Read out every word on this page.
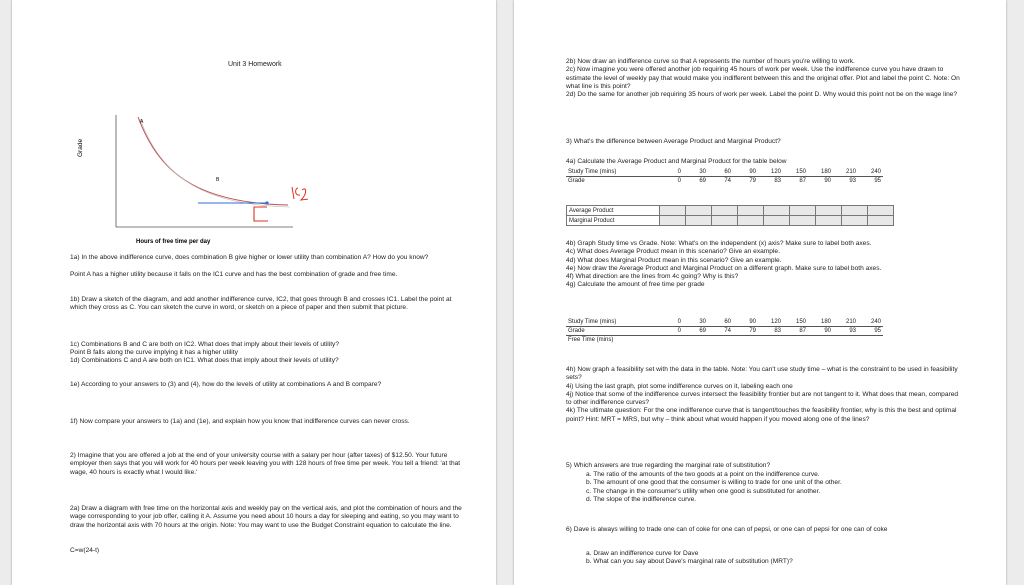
Unit 3 Homework
Grade
A
B
Hours of free time per day
1a) In the above indifference curve, does combination B give higher or lower utility than combination A? How do you know?
Point A has a higher utility because it falls on the IC1 curve and has the best combination of grade and free time.
1b) Draw a sketch of the diagram, and add another indifference curve, IC2, that goes through B and crosses IC1. Label the point at which they cross as C. You can sketch the curve in word, or sketch on a piece of paper and then submit that picture.
1c) Combinations B and C are both on IC2. What does that imply about their levels of utility?
Point B falls along the curve implying it has a higher utility
1d) Combinations C and A are both on IC1. What does that imply about their levels of utility?
1e) According to your answers to (3) and (4), how do the levels of utility at combinations A and B compare?
1f) Now compare your answers to (1a) and (1e), and explain how you know that indifference curves can never cross.
2) Imagine that you are offered a job at the end of your university course with a salary per hour (after taxes) of $12.50. Your future employer then says that you will work for 40 hours per week leaving you with 128 hours of free time per week. You tell a friend: 'at that wage, 40 hours is exactly what I would like.'
2a) Draw a diagram with free time on the horizontal axis and weekly pay on the vertical axis, and plot the combination of hours and the wage corresponding to your job offer, calling it A. Assume you need about 10 hours a day for sleeping and eating, so you may want to draw the horizontal axis with 70 hours at the origin. Note: You may want to use the Budget Constraint equation to calculate the line.
C=w(24-t)
2b) Now draw an indifference curve so that A represents the number of hours you're willing to work.
2c) Now imagine you were offered another job requiring 45 hours of work per week. Use the indifference curve you have drawn to estimate the level of weekly pay that would make you indifferent between this and the original offer. Plot and label the point C. Note: On what line is this point?
2d) Do the same for another job requiring 35 hours of work per week. Label the point D. Why would this point not be on the wage line?
3) What's the difference between Average Product and Marginal Product?
4a) Calculate the Average Product and Marginal Product for the table below
Study Time (mins)	0	30	60	90	120	150	180	210	240
Grade	0	69	74	79	83	87	90	93	95
Average Product									
Marginal Product									
4b) Graph Study time vs Grade. Note: What's on the independent (x) axis? Make sure to label both axes.
4c) What does Average Product mean in this scenario? Give an example.
4d) What does Marginal Product mean in this scenario? Give an example.
4e) Now draw the Average Product and Marginal Product on a different graph. Make sure to label both axes.
4f) What direction are the lines from 4c going? Why is this?
4g) Calculate the amount of free time per grade
Study Time (mins)	0	30	60	90	120	150	180	210	240
Grade	0	69	74	79	83	87	90	93	95
Free Time (mins)									
4h) Now graph a feasibility set with the data in the table. Note: You can't use study time – what is the constraint to be used in feasibility sets?
4i) Using the last graph, plot some indifference curves on it, labeling each one
4j) Notice that some of the indifference curves intersect the feasibility frontier but are not tangent to it. What does that mean, compared to other indifference curves?
4k) The ultimate question: For the one indifference curve that is tangent/touches the feasibility frontier, why is this the best and optimal point? Hint: MRT = MRS, but why – think about what would happen if you moved along one of the lines?
5) Which answers are true regarding the marginal rate of substitution?
a. The ratio of the amounts of the two goods at a point on the indifference curve.
b. The amount of one good that the consumer is willing to trade for one unit of the other.
c. The change in the consumer's utility when one good is substituted for another.
d. The slope of the indifference curve.
6) Dave is always willing to trade one can of coke for one can of pepsi, or one can of pepsi for one can of coke
a. Draw an indifference curve for Dave
b. What can you say about Dave's marginal rate of substitution (MRT)?
